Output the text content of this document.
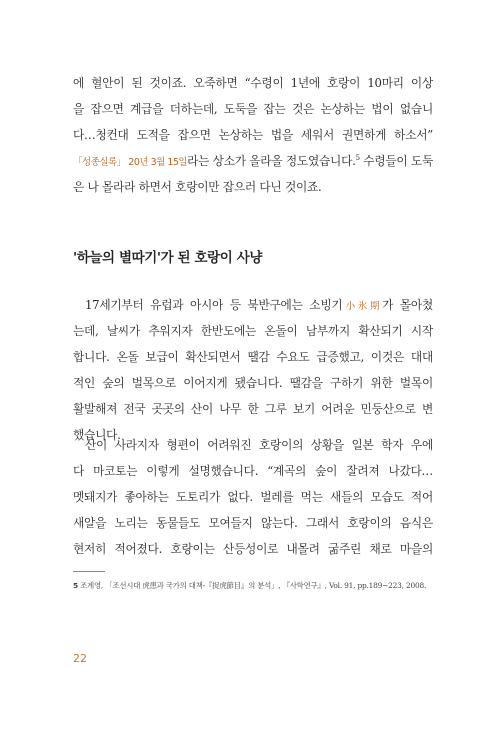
에 혈안이 된 것이죠. 오죽하면 “수령이 1년에 호랑이 10마리 이상
을 잡으면 계급을 더하는데, 도둑을 잡는 것은 논상하는 법이 없습니
다…청컨대 도적을 잡으면 논상하는 법을 세워서 권면하게 하소서”
「성종실록」 20년 3월 15일라는 상소가 올라올 정도였습니다.$^5$ 수령들이 도둑
은 나 몰라라 하면서 호랑이만 잡으러 다닌 것이죠.
'하늘의 별따기'가 된 호랑이 사냥
17세기부터 유럽과 아시아 등 북반구에는 소빙기小氷期가 몰아쳤
는데, 날씨가 추워지자 한반도에는 온돌이 남부까지 확산되기 시작
합니다. 온돌 보급이 확산되면서 땔감 수요도 급증했고, 이것은 대대
적인 숲의 벌목으로 이어지게 됐습니다. 땔감을 구하기 위한 벌목이
활발해져 전국 곳곳의 산이 나무 한 그루 보기 어려운 민둥산으로 변
했습니다.
산이 사라지자 형편이 어려워진 호랑이의 상황을 일본 학자 우에
다 마코토는 이렇게 설명했습니다. “계곡의 숲이 잘려져 나갔다…
멧돼지가 좋아하는 도토리가 없다. 벌레를 먹는 새들의 모습도 적어
새알을 노리는 동물들도 모여들지 않는다. 그래서 호랑이의 음식은
현저히 적어졌다. 호랑이는 산등성이로 내몰려 굶주린 채로 마을의
5 조계영, 「조선시대 虎患과 국가의 대책-『捉虎節目』의 분석」, 『사학연구』, Vol. 91, pp.189~223, 2008.
22
